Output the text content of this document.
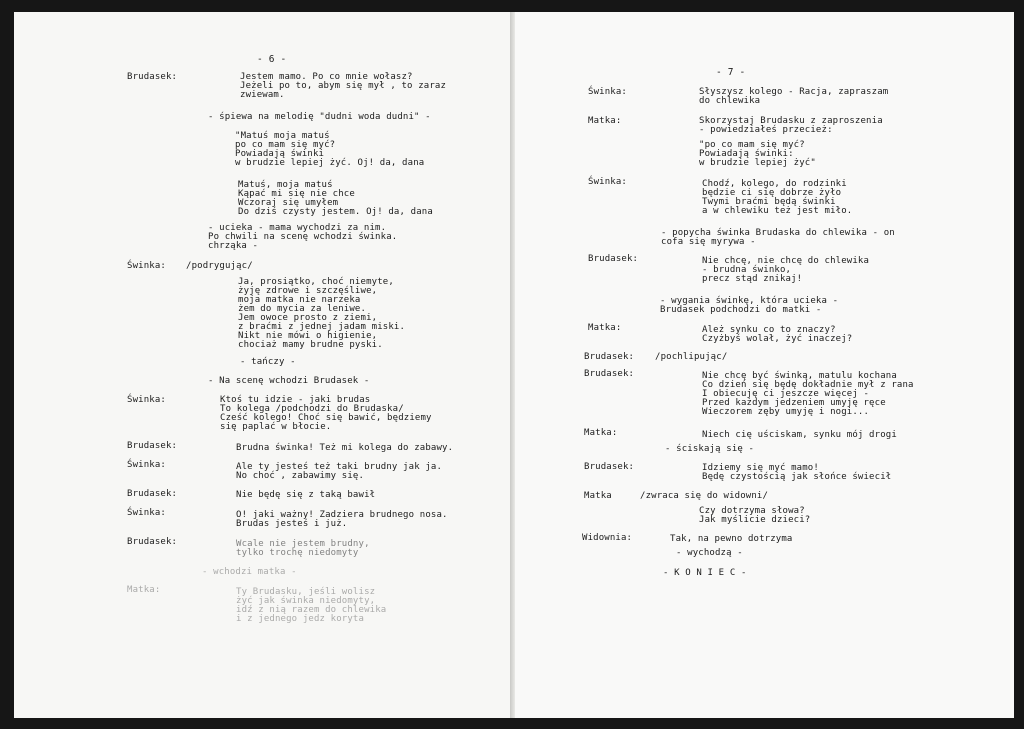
- 6 -
Brudasek:	Jestem mamo. Po co mnie wołasz?
Jeżeli po to, abym się mył , to zaraz
zwiewam.
- śpiewa na melodię "dudni woda dudni" -
"Matuś moja matuś
po co mam się myć?
Powiadają świnki
w brudzie lepiej żyć. Oj! da, dana
Matuś, moja matuś
Kąpać mi się nie chce
Wczoraj się umyłem
Do dziś czysty jestem. Oj! da, dana
- ucieka - mama wychodzi za nim.
Po chwili na scenę wchodzi świnka.
chrząka -
Świnka: /podrygując/
Ja, prosiątko, choć niemyte,
żyję zdrowe i szczęśliwe,
moja matka nie narzeka
żem do mycia za leniwe.
Jem owoce prosto z ziemi,
z braćmi z jednej jadam miski.
Nikt nie mówi o higienie,
chociaż mamy brudne pyski.
- tańczy -
- Na scenę wchodzi Brudasek -
Świnka:	Ktoś tu idzie - jaki brudas
To kolega /podchodzi do Brudaska/
Cześć kolego! Choć się bawić, będziemy
się paplać w błocie.
Brudasek:	Brudna świnka! Też mi kolega do zabawy.
Świnka:	Ale ty jesteś też taki brudny jak ja.
No choć , zabawimy się.
Brudasek:	Nie będę się z taką bawił
Świnka:	O! jaki ważny! Zadziera brudnego nosa.
Brudas jesteś i już.
Brudasek:	Wcale nie jestem brudny,
tylko trochę niedomyty
- wchodzi matka -
Matka:	Ty Brudasku, jeśli wolisz
żyć jak świnka niedomyty,
idź z nią razem do chlewika
i z jednego jedz koryta
- 7 -
Świnka:	Słyszysz kolego - Racja, zapraszam
do chlewika
Matka:	Skorzystaj Brudasku z zaproszenia
- powiedziałeś przecież:
"po co mam się myć?
Powiadają świnki:
w brudzie lepiej żyć"
Świnka:	Chodź, kolego, do rodzinki
będzie ci się dobrze żyło
Twymi braćmi będą świnki
a w chlewiku też jest miło.
- popycha świnka Brudaska do chlewika - on
cofa się myrywa -
Brudasek:	Nie chcę, nie chcę do chlewika
- brudna świnko,
precz stąd znikaj!
- wygania świnkę, która ucieka -
Brudasek podchodzi do matki -
Matka:	Ależ synku co to znaczy?
Czyżbyś wolał, żyć inaczej?
Brudasek: /pochlipując/
Brudasek:	Nie chcę być świnką, matulu kochana
Co dzień się będę dokładnie mył z rana
I obiecuję ci jeszcze więcej -
Przed każdym jedzeniem umyję ręce
Wieczorem zęby umyję i nogi...
Matka:	Niech cię uściskam, synku mój drogi
- ściskają się -
Brudasek:	Idziemy się myć mamo!
Będę czystością jak słońce świecił
Matka	/zwraca się do widowni/
Czy dotrzyma słowa?
Jak myślicie dzieci?
Widownia:	Tak, na pewno dotrzyma
- wychodzą -
- K O N I E C -
